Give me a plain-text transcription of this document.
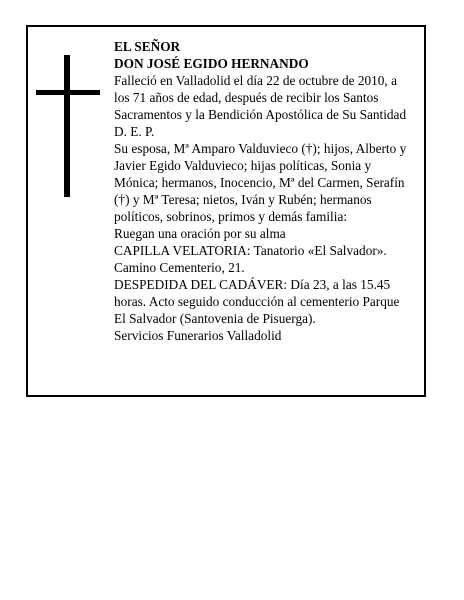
EL SEÑOR
DON JOSÉ EGIDO HERNANDO
Falleció en Valladolid el día 22 de octubre de 2010, a
los 71 años de edad, después de recibir los Santos
Sacramentos y la Bendición Apostólica de Su Santidad
D. E. P.
Su esposa, Mª Amparo Valduvieco (†); hijos, Alberto y
Javier Egido Valduvieco; hijas políticas, Sonia y
Mónica; hermanos, Inocencio, Mª del Carmen, Serafín
(†) y Mª Teresa; nietos, Iván y Rubén; hermanos
políticos, sobrinos, primos y demás familia:
Ruegan una oración por su alma
CAPILLA VELATORIA: Tanatorio «El Salvador».
Camino Cementerio, 21.
DESPEDIDA DEL CADÁVER: Día 23, a las 15.45
horas. Acto seguido conducción al cementerio Parque
El Salvador (Santovenia de Pisuerga).
Servicios Funerarios Valladolid
